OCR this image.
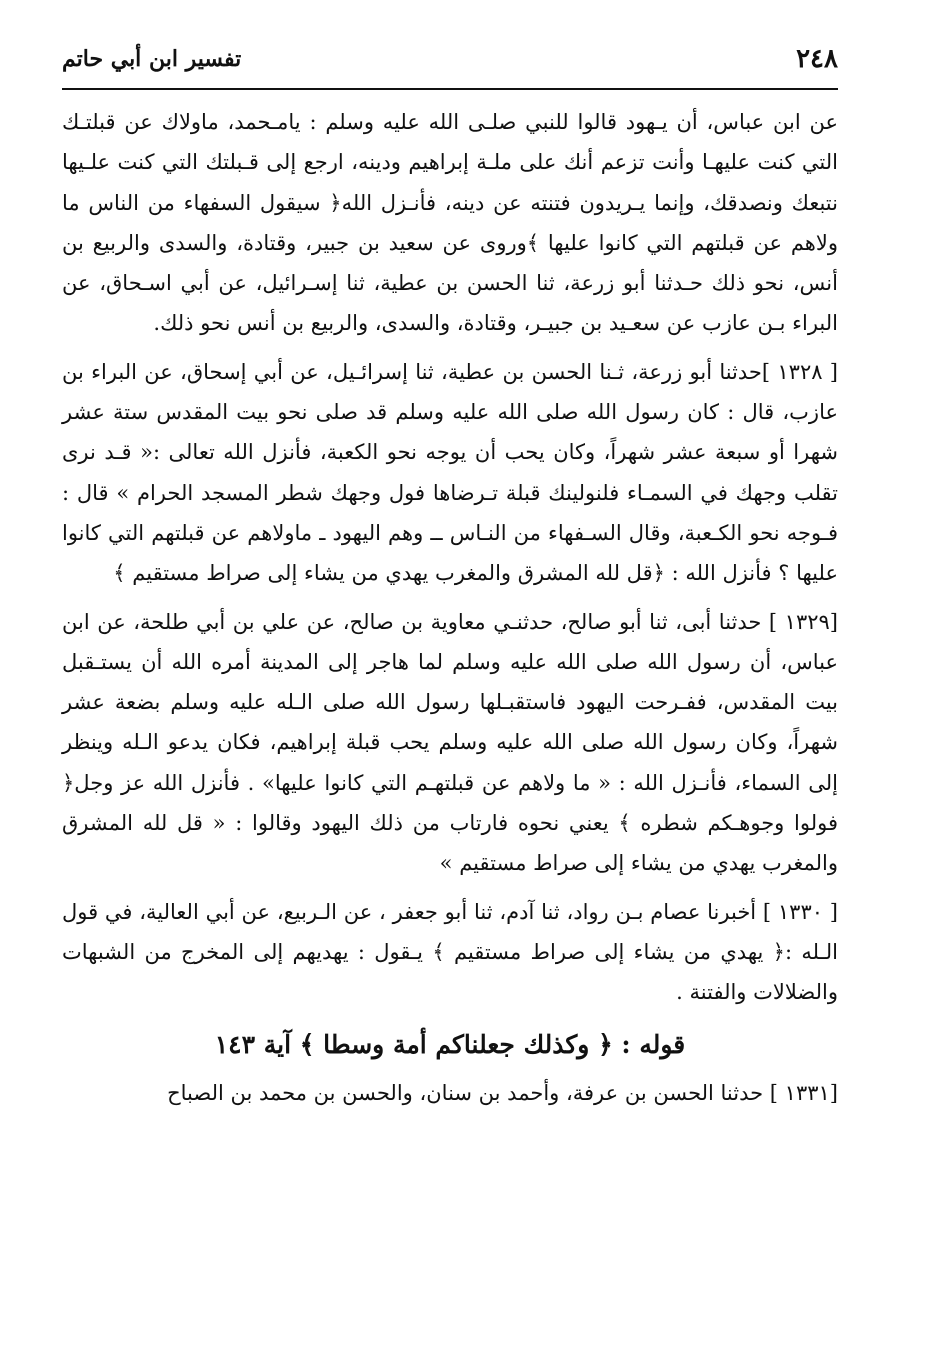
٢٤٨
تفسير ابن أبي حاتم

عن ابن عباس، أن يـهود قالوا للنبي صلـى الله عليه وسلم : يامـحمد، ماولاك عن قبلتـك التي كنت عليهـا وأنت تزعم أنك على ملـة إبراهيم ودينه، ارجع إلى قـبلتك التي كنت علـيها نتبعك ونصدقك، وإنما يـريدون فتنته عن دينه، فأنـزل الله﴿ سيقول السفهاء من الناس ما ولاهم عن قبلتهم التي كانوا عليها ﴾وروى عن سعيد بن جبير، وقتادة، والسدى والربيع بن أنس، نحو ذلك حـدثنا أبو زرعة، ثنا الحسن بن عطية، ثنا إسـرائيل، عن أبي اسـحاق، عن البراء بـن عازب عن سعـيد بن جبيـر، وقتادة، والسدى، والربيع بن أنس نحو ذلك.

[ ١٣٢٨ ]حدثنا أبو زرعة، ثـنا الحسن بن عطية، ثنا إسرائـيل، عن أبي إسحاق، عن البراء بن عازب، قال : كان رسول الله صلى الله عليه وسلم قد صلى نحو بيت المقدس ستة عشر شهرا أو سبعة عشر شهراً، وكان يحب أن يوجه نحو الكعبة، فأنزل الله تعالى :« قـد نرى تقلب وجهك في السمـاء فلنولينك قبلة تـرضاها فول وجهك شطر المسجد الحرام » قال : فـوجه نحو الكـعبة، وقال السـفهاء من النـاس ــ وهم اليهود ـ ماولاهم عن قبلتهم التي كانوا عليها ؟ فأنزل الله : ﴿قل لله المشرق والمغرب يهدي من يشاء إلى صراط مستقيم ﴾

[١٣٢٩ ] حدثنا أبى، ثنا أبو صالح، حدثنـي معاوية بن صالح، عن علي بن أبي طلحة، عن ابن عباس، أن رسول الله صلى الله عليه وسلم لما هاجر إلى المدينة أمره الله أن يستـقبل بيت المقدس، ففـرحت اليهود فاستقبـلها رسول الله صلى الـله عليه وسلم بضعة عشر شهراً، وكان رسول الله صلى الله عليه وسلم يحب قبلة إبراهيم، فكان يدعو الـله وينظر إلى السماء، فأنـزل الله : « ما ولاهم عن قبلتهـم التي كانوا عليها» . فأنزل الله عز وجل﴿ فولوا وجوهـكم شطره ﴾ يعني نحوه فارتاب من ذلك اليهود وقالوا : « قل لله المشرق والمغرب يهدي من يشاء إلى صراط مستقيم »

[ ١٣٣٠ ] أخبرنا عصام بـن رواد، ثنا آدم، ثنا أبو جعفر ، عن الـربيع، عن أبي العالية، في قول الـله :﴿ يهدي من يشاء إلى صراط مستقيم ﴾ يـقول : يهديهم إلى المخرج من الشبهات والضلالات والفتنة .

قوله : ﴿ وكذلك جعلناكم أمة وسطا ﴾ آية ١٤٣

[١٣٣١ ] حدثنا الحسن بن عرفة، وأحمد بن سنان، والحسن بن محمد بن الصباح
